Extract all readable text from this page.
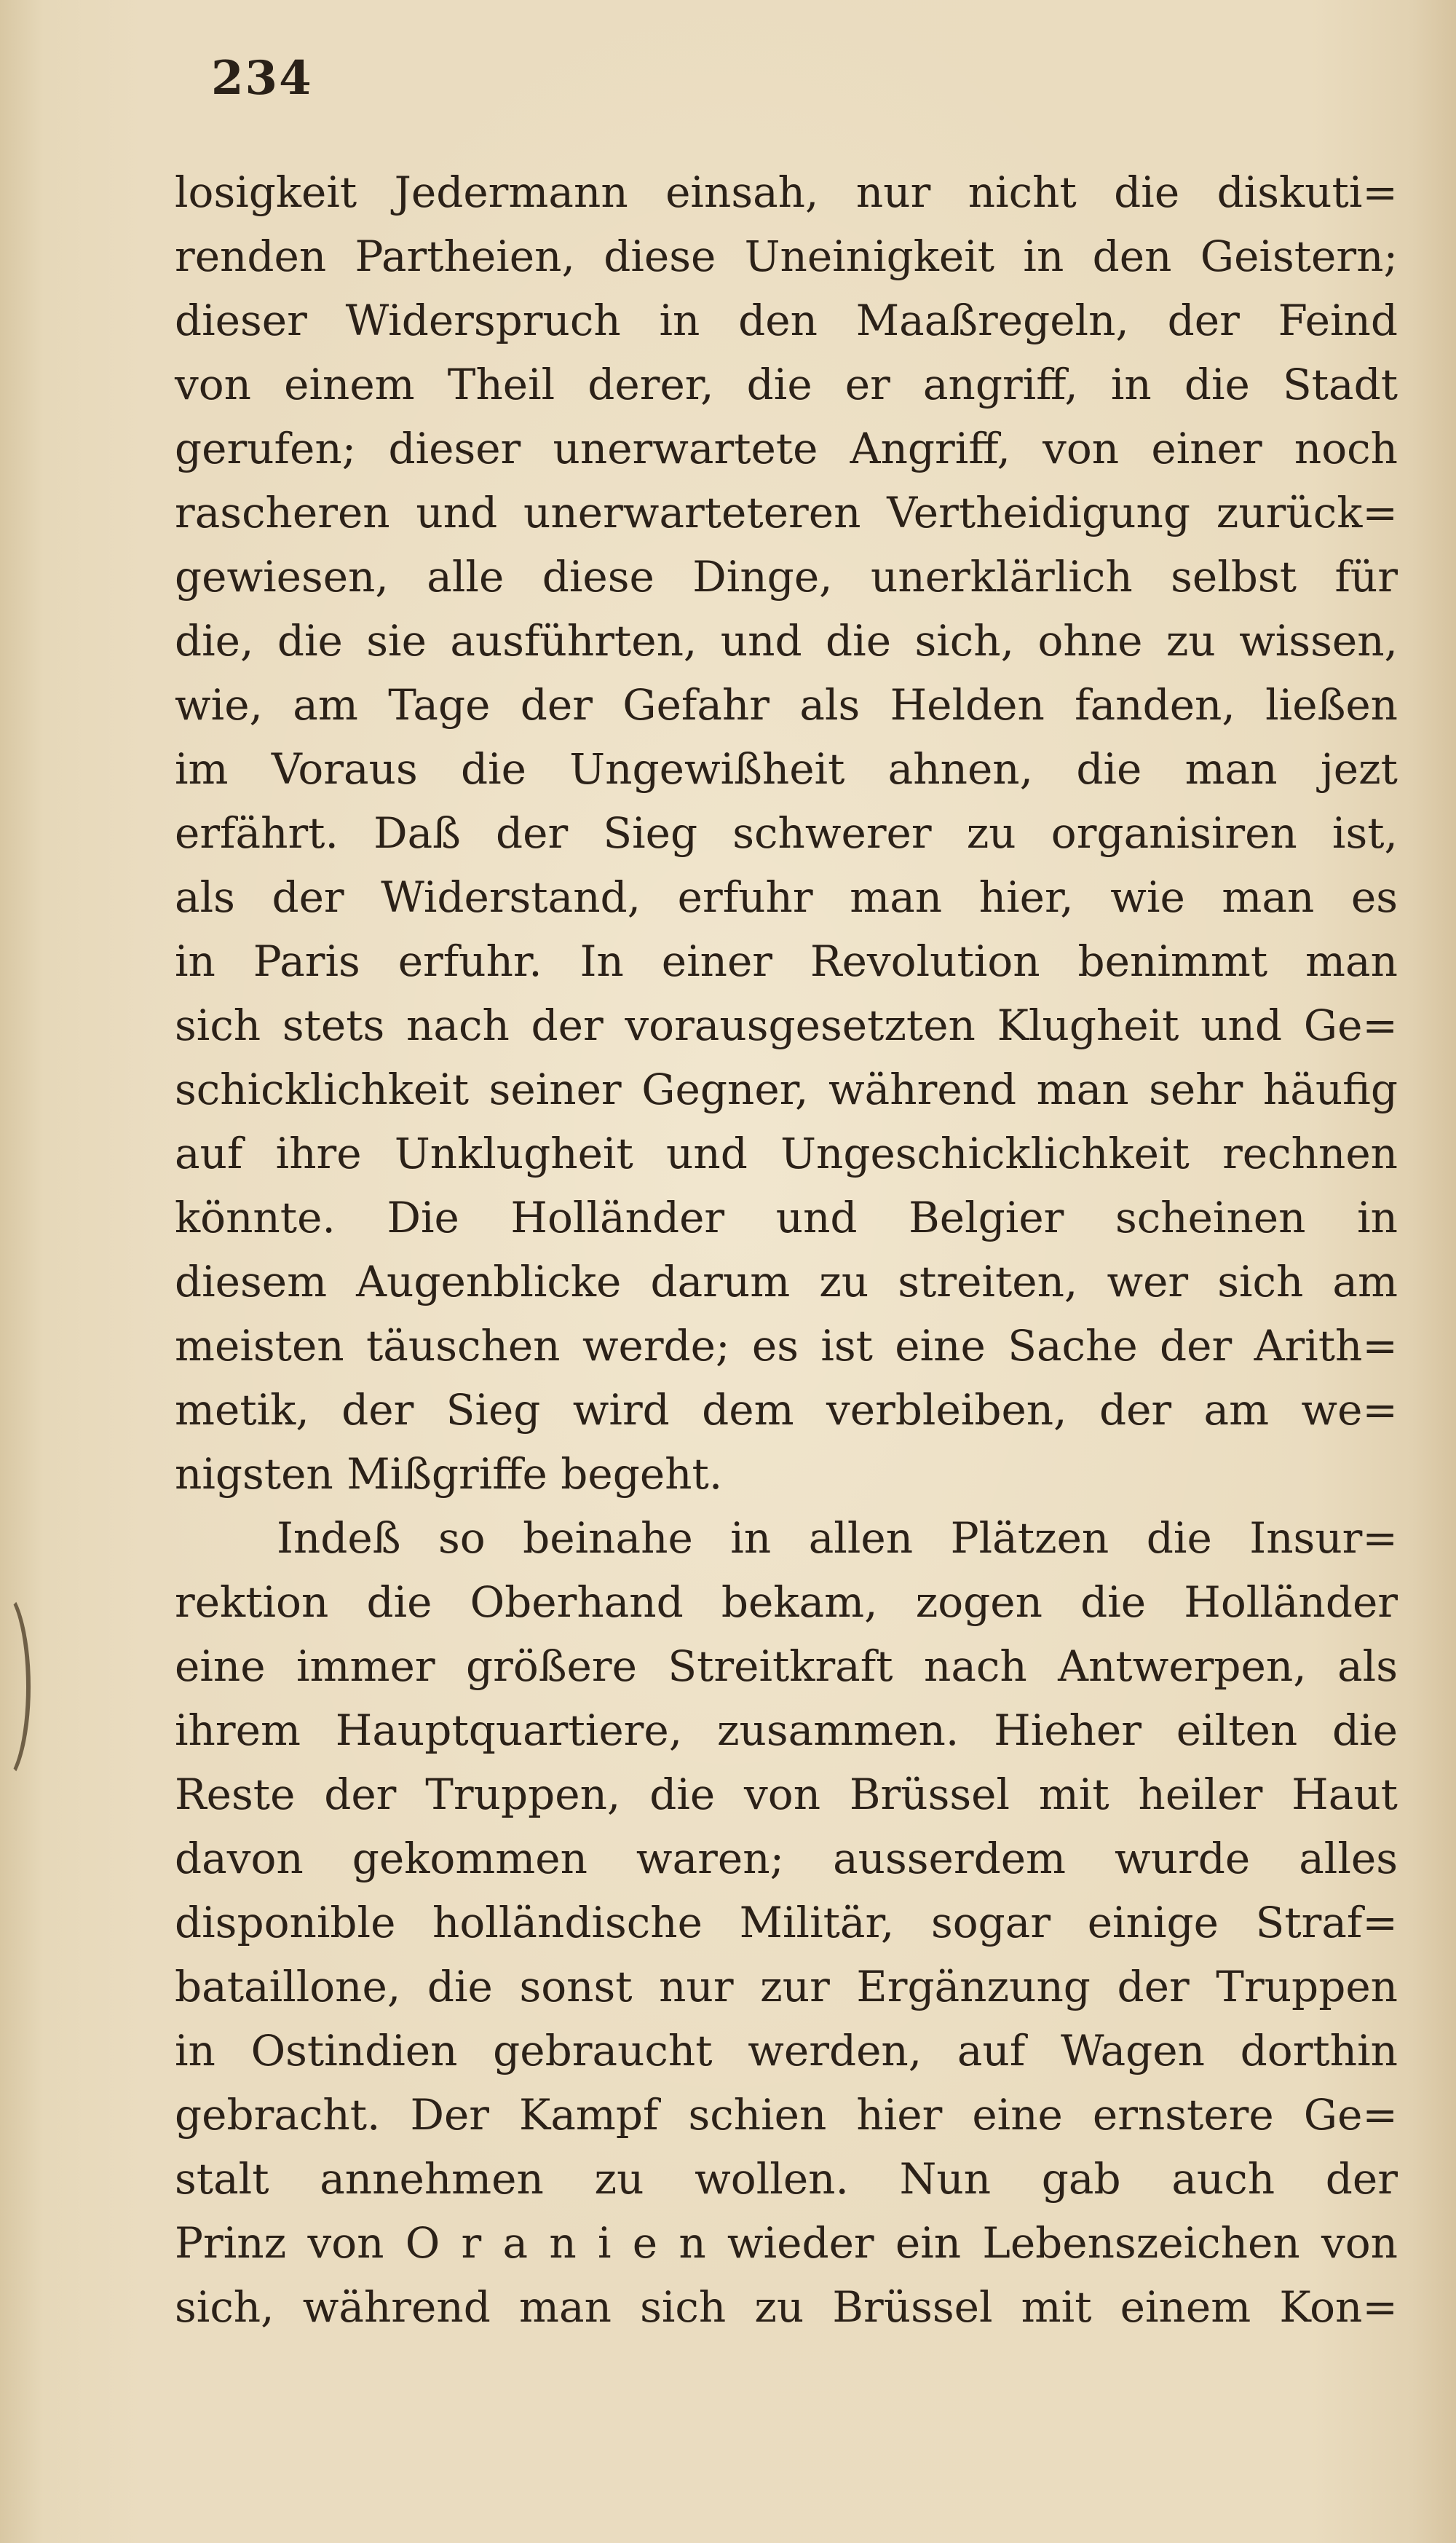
234
losigkeit Jedermann einsah, nur nicht die diskuti=
renden Partheien, diese Uneinigkeit in den Geistern;
dieser Widerspruch in den Maaßregeln, der Feind
von einem Theil derer, die er angriff, in die Stadt
gerufen; dieser unerwartete Angriff, von einer noch
rascheren und unerwarteteren Vertheidigung zurück=
gewiesen, alle diese Dinge, unerklärlich selbst für
die, die sie ausführten, und die sich, ohne zu wissen,
wie, am Tage der Gefahr als Helden fanden, ließen
im Voraus die Ungewißheit ahnen, die man jezt
erfährt. Daß der Sieg schwerer zu organisiren ist,
als der Widerstand, erfuhr man hier, wie man es
in Paris erfuhr. In einer Revolution benimmt man
sich stets nach der vorausgesetzten Klugheit und Ge=
schicklichkeit seiner Gegner, während man sehr häufig
auf ihre Unklugheit und Ungeschicklichkeit rechnen
könnte. Die Holländer und Belgier scheinen in
diesem Augenblicke darum zu streiten, wer sich am
meisten täuschen werde; es ist eine Sache der Arith=
metik, der Sieg wird dem verbleiben, der am we=
nigsten Mißgriffe begeht.
Indeß so beinahe in allen Plätzen die Insur=
rektion die Oberhand bekam, zogen die Holländer
eine immer größere Streitkraft nach Antwerpen, als
ihrem Hauptquartiere, zusammen. Hieher eilten die
Reste der Truppen, die von Brüssel mit heiler Haut
davon gekommen waren; ausserdem wurde alles
disponible holländische Militär, sogar einige Straf=
bataillone, die sonst nur zur Ergänzung der Truppen
in Ostindien gebraucht werden, auf Wagen dorthin
gebracht. Der Kampf schien hier eine ernstere Ge=
stalt annehmen zu wollen. Nun gab auch der
Prinz von O r a n i e n wieder ein Lebenszeichen von
sich, während man sich zu Brüssel mit einem Kon=
